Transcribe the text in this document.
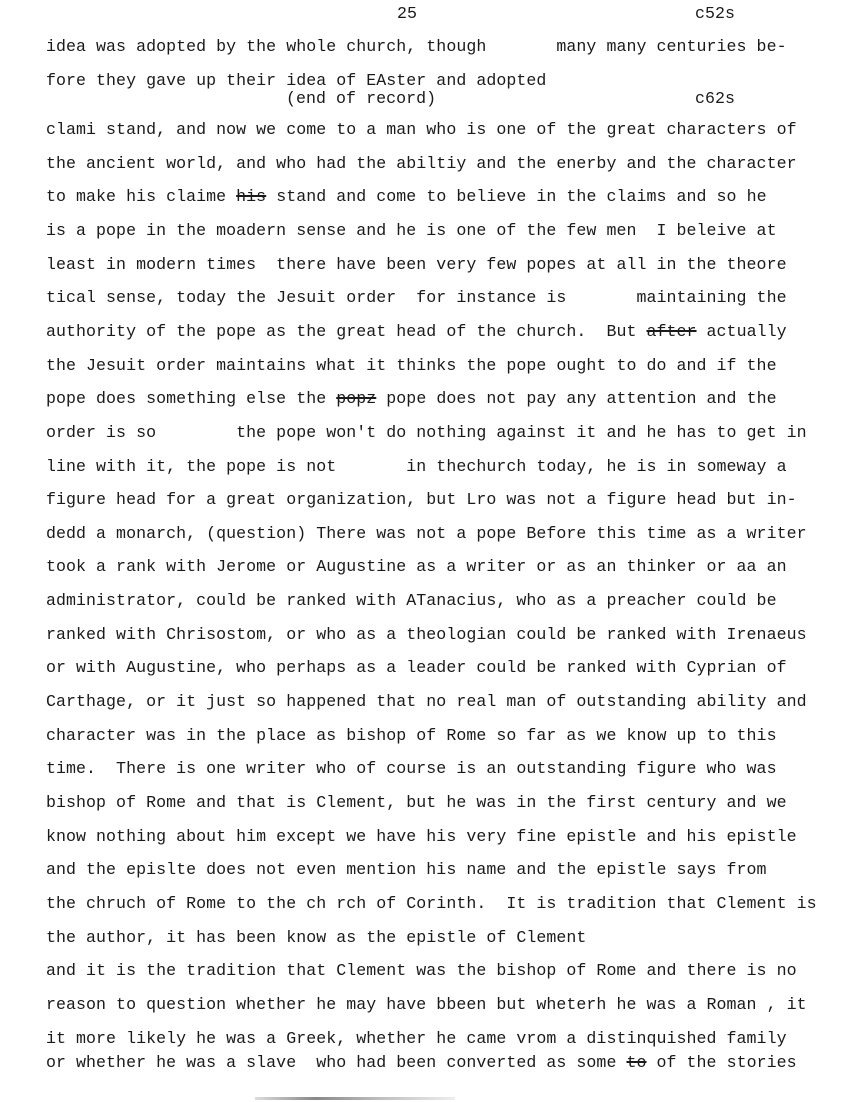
25	c52s
idea was adopted by the whole church, though       many many centuries be-
fore they gave up their idea of EAster and adopted
(end of record)	c62s
clami stand, and now we come to a man who is one of the great characters of
the ancient world, and who had the abiltiy and the enerby and the character
to make his claime his stand and come to believe in the claims and so he
is a pope in the moadern sense and he is one of the few men  I beleive at
least in modern times  there have been very few popes at all in the theore
tical sense, today the Jesuit order  for instance is       maintaining the
authority of the pope as the great head of the church.  But after actually
the Jesuit order maintains what it thinks the pope ought to do and if the
pope does something else the popz pope does not pay any attention and the
order is so        the pope won't do nothing against it and he has to get in
line with it, the pope is not       in thechurch today, he is in someway a
figure head for a great organization, but Lro was not a figure head but in-
dedd a monarch, (question) There was not a pope Before this time as a writer
took a rank with Jerome or Augustine as a writer or as an thinker or aa an
administrator, could be ranked with ATanacius, who as a preacher could be
ranked with Chrisostom, or who as a theologian could be ranked with Irenaeus
or with Augustine, who perhaps as a leader could be ranked with Cyprian of
Carthage, or it just so happened that no real man of outstanding ability and
character was in the place as bishop of Rome so far as we know up to this
time.  There is one writer who of course is an outstanding figure who was
bishop of Rome and that is Clement, but he was in the first century and we
know nothing about him except we have his very fine epistle and his epistle
and the epislte does not even mention his name and the epistle says from
the chruch of Rome to the ch rch of Corinth.  It is tradition that Clement is
the author, it has been know as the epistle of Clement
and it is the tradition that Clement was the bishop of Rome and there is no
reason to question whether he may have bbeen but wheterh he was a Roman , it
it more likely he was a Greek, whether he came vrom a distinquished family
or whether he was a slave  who had been converted as some to of the stories
